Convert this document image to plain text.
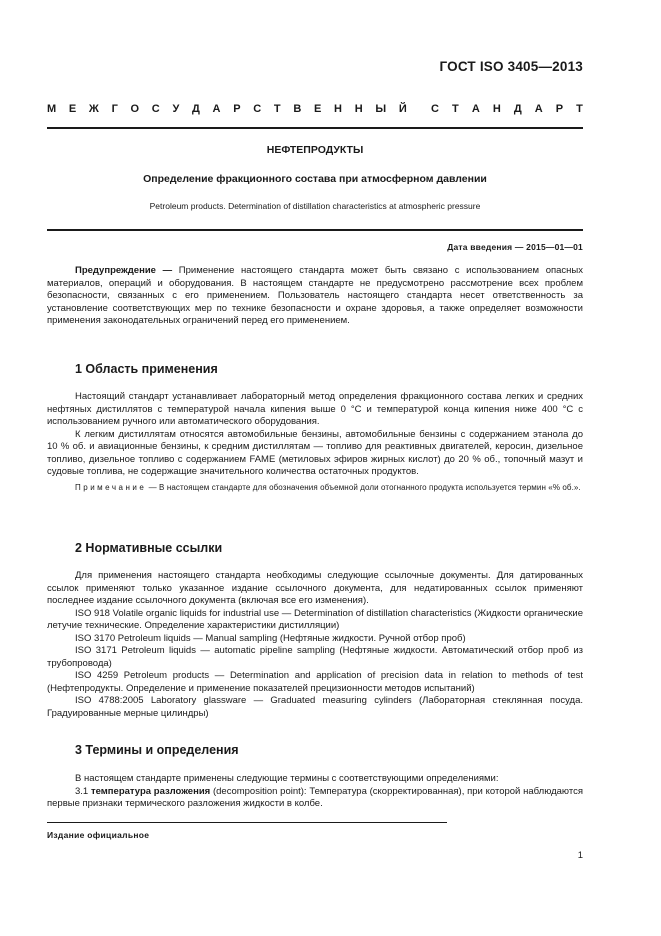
ГОСТ ISO 3405—2013
М Е Ж Г О С У Д А Р С Т В Е Н Н Ы Й С Т А Н Д А Р Т
НЕФТЕПРОДУКТЫ
Определение фракционного состава при атмосферном давлении
Petroleum products. Determination of distillation characteristics at atmospheric pressure
Дата введения — 2015—01—01

Предупреждение — Применение настоящего стандарта может быть связано с использованием опасных материалов, операций и оборудования. В настоящем стандарте не предусмотрено рассмотрение всех проблем безопасности, связанных с его применением. Пользователь настоящего стандарта несет ответственность за установление соответствующих мер по технике безопасности и охране здоровья, а также определяет возможности применения законодательных ограничений перед его применением.

1 Область применения

Настоящий стандарт устанавливает лабораторный метод определения фракционного состава легких и средних нефтяных дистиллятов с температурой начала кипения выше 0 °С и температурой конца кипения ниже 400 °С с использованием ручного или автоматического оборудования.

К легким дистиллятам относятся автомобильные бензины, автомобильные бензины с содержанием этанола до 10 % об. и авиационные бензины, к средним дистиллятам — топливо для реактивных двигателей, керосин, дизельное топливо, дизельное топливо с содержанием FAME (метиловых эфиров жирных кислот) до 20 % об., топочный мазут и судовые топлива, не содержащие значительного количества остаточных продуктов.

Примечание — В настоящем стандарте для обозначения объемной доли отогнанного продукта используется термин «% об.».

2 Нормативные ссылки

Для применения настоящего стандарта необходимы следующие ссылочные документы. Для датированных ссылок применяют только указанное издание ссылочного документа, для недатированных ссылок применяют последнее издание ссылочного документа (включая все его изменения).

ISO 918 Volatile organic liquids for industrial use — Determination of distillation characteristics (Жидкости органические летучие технические. Определение характеристики дистилляции)

ISO 3170 Petroleum liquids — Manual sampling (Нефтяные жидкости. Ручной отбор проб)

ISO 3171 Petroleum liquids — automatic pipeline sampling (Нефтяные жидкости. Автоматический отбор проб из трубопровода)

ISO 4259 Petroleum products — Determination and application of precision data in relation to methods of test (Нефтепродукты. Определение и применение показателей прецизионности методов испытаний)

ISO 4788:2005 Laboratory glassware — Graduated measuring cylinders (Лабораторная стеклянная посуда. Градуированные мерные цилиндры)

3 Термины и определения

В настоящем стандарте применены следующие термины с соответствующими определениями:

3.1 температура разложения (decomposition point): Температура (скорректированная), при которой наблюдаются первые признаки термического разложения жидкости в колбе.

Издание официальное
1
